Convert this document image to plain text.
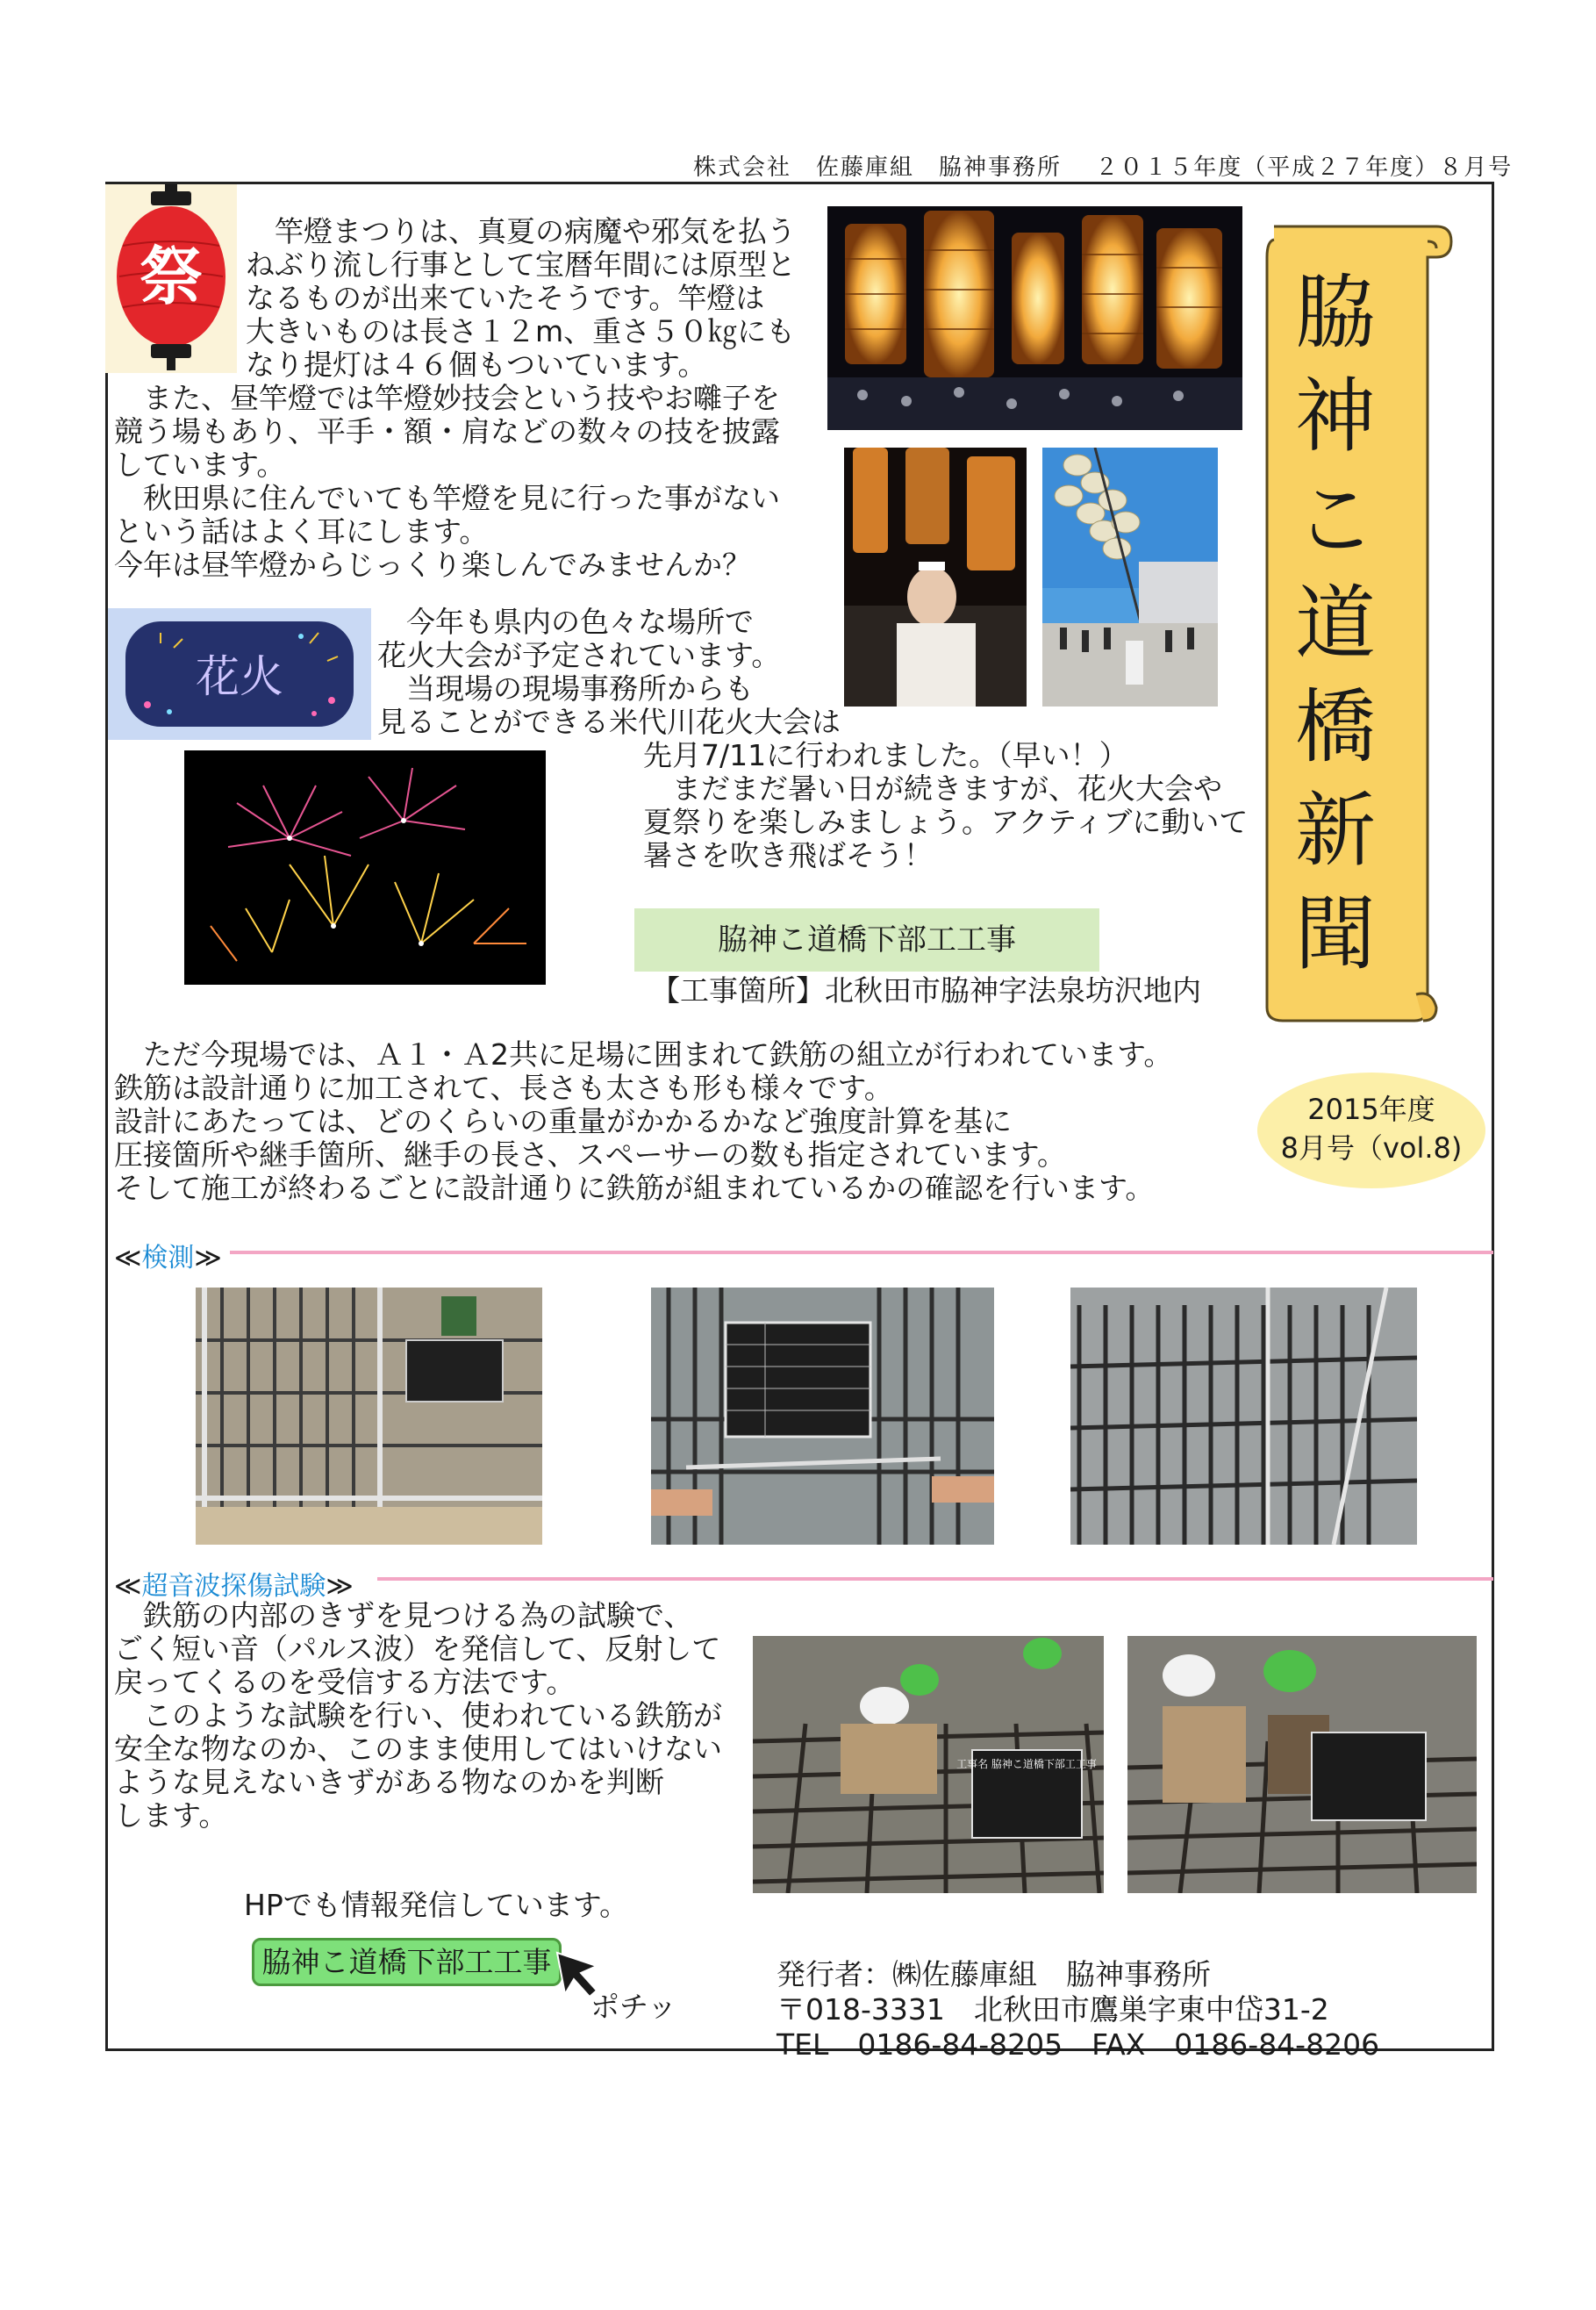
株式会社　佐藤庫組　脇神事務所　 ２０１５年度（平成２７年度）８月号
祭
　竿燈まつりは、真夏の病魔や邪気を払う
ねぶり流し行事として宝暦年間には原型と
なるものが出来ていたそうです。竿燈は
大きいものは長さ１２m、重さ５０㎏にも
なり提灯は４６個もついています。
　また、昼竿燈では竿燈妙技会という技やお囃子を
競う場もあり、平手・額・肩などの数々の技を披露
しています。
　秋田県に住んでいても竿燈を見に行った事がない
という話はよく耳にします。
今年は昼竿燈からじっくり楽しんでみませんか？
花火
　今年も県内の色々な場所で
花火大会が予定されています。
　当現場の現場事務所からも
見ることができる米代川花火大会は
先月7/11に行われました。（早い！）
　まだまだ暑い日が続きますが、花火大会や
夏祭りを楽しみましょう。アクティブに動いて
暑さを吹き飛ばそう！
脇神こ道橋下部工工事
【工事箇所】北秋田市脇神字法泉坊沢地内
脇
神
こ
道
橋
新
聞
2015年度
8月号（vol.8)
　ただ今現場では、Ａ１・Ａ2共に足場に囲まれて鉄筋の組立が行われています。
鉄筋は設計通りに加工されて、長さも太さも形も様々です。
設計にあたっては、どのくらいの重量がかかるかなど強度計算を基に
圧接箇所や継手箇所、継手の長さ、スペーサーの数も指定されています。
そして施工が終わるごとに設計通りに鉄筋が組まれているかの確認を行います。
≪検測≫
≪超音波探傷試験≫
　鉄筋の内部のきずを見つける為の試験で、
ごく短い音（パルス波）を発信して、反射して
戻ってくるのを受信する方法です。
　このような試験を行い、使われている鉄筋が
安全な物なのか、このまま使用してはいけない
ような見えないきずがある物なのかを判断
します。
工事名 脇神こ道橋下部工工事
HPでも情報発信しています。
脇神こ道橋下部工工事
ポチッ
発行者：㈱佐藤庫組　脇神事務所
〒018-3331　北秋田市鷹巣字東中岱31-2
TEL　0186-84-8205　FAX　0186-84-8206
